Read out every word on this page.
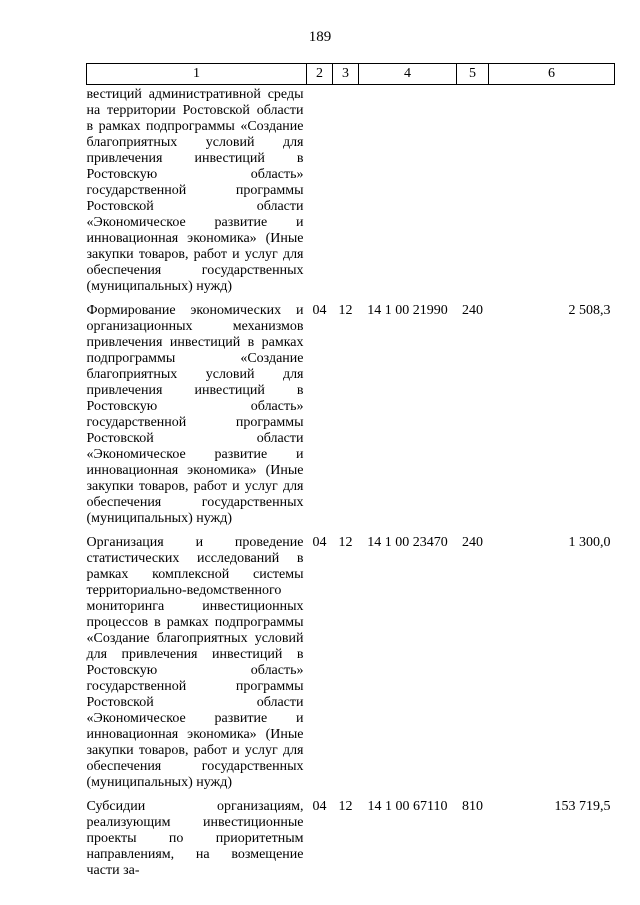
189
1	2	3	4	5	6
вестиций административной среды на территории Ростовской области в рамках подпрограммы «Создание благоприятных условий для привлечения инвестиций в Ростовскую область» государственной программы Ростовской области «Экономическое развитие и инновационная экономика» (Иные закупки товаров, работ и услуг для обеспечения государственных (муниципальных) нужд)					
Формирование экономических и организационных механизмов привлечения инвестиций в рамках подпрограммы «Создание благоприятных условий для привлечения инвестиций в Ростовскую область» государственной программы Ростовской области «Экономическое развитие и инновационная экономика» (Иные закупки товаров, работ и услуг для обеспечения государственных (муниципальных) нужд)	04	12	14 1 00 21990	240	2 508,3
Организация и проведение статистических исследований в рамках комплексной системы территориально-ведомственного мониторинга инвестиционных процессов в рамках подпрограммы «Создание благоприятных условий для привлечения инвестиций в Ростовскую область» государственной программы Ростовской области «Экономическое развитие и инновационная экономика» (Иные закупки товаров, работ и услуг для обеспечения государственных (муниципальных) нужд)	04	12	14 1 00 23470	240	1 300,0
Субсидии организациям, реализующим инвестиционные проекты по приоритетным направлениям, на возмещение части за-	04	12	14 1 00 67110	810	153 719,5
